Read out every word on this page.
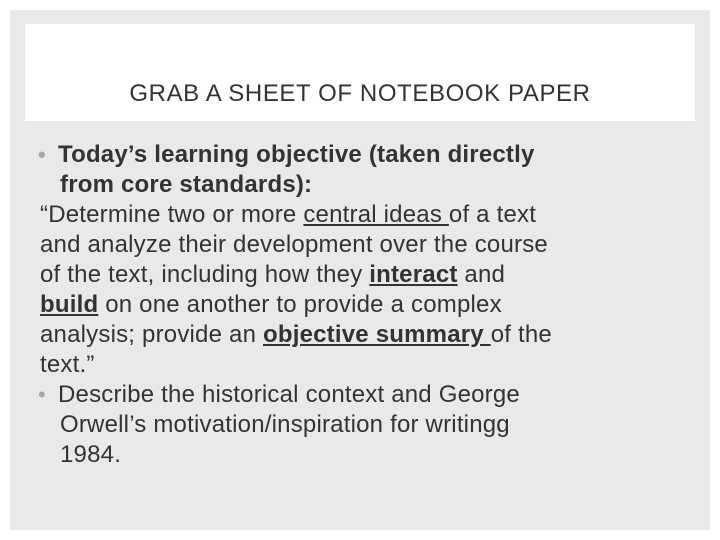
GRAB A SHEET OF NOTEBOOK PAPER
• Today’s learning objective (taken directly
from core standards):
“Determine two or more central ideas of a text
and analyze their development over the course
of the text, including how they interact and
build on one another to provide a complex
analysis; provide an objective summary of the
text.”
• Describe the historical context and George
Orwell’s motivation/inspiration for writingg
1984.
